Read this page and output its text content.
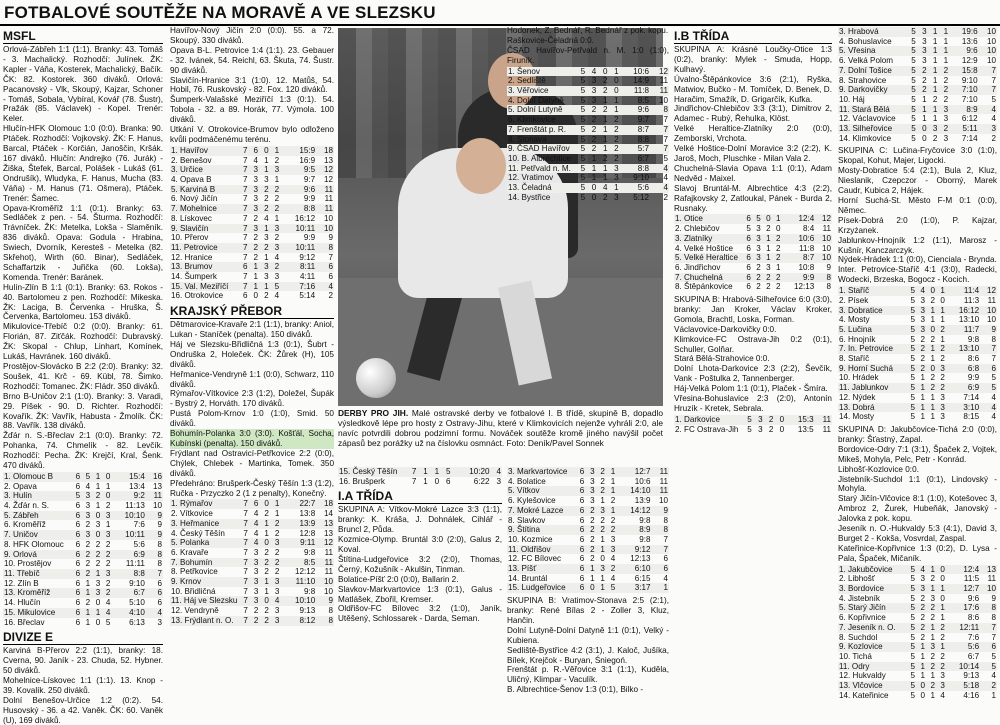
FOTBALOVÉ SOUTĚŽE NA MORAVĚ A VE SLEZSKU
MSFL

Orlová-Zábřeh 1:1 (1:1). Branky: 43. Tomáš - 3. Machalický. Rozhodčí: Julínek. ŽK: Kapler - Váňa, Kosterek, Machalický, Bačík. ČK: 82. Kostorek. 360 diváků. Orlová: Pacanovský - Vlk, Skoupý, Kajzar, Schoner - Tomáš, Sobala, Vybíral, Kovář (78. Šustr), Pražák (85. Václavek) - Kopel. Trenér: Keler.

Hlučín-HFK Olomouc 1:0 (0:0). Branka: 90. Ptáček. Rozhodčí: Vojkovský. ŽK: F. Hanus, Barcal, Ptáček - Korčián, Janoščin, Kršák. 167 diváků. Hlučín: Andrejko (76. Jurák) - Žiška, Štefek, Barcal, Polášek - Lukáš (61. Ondrušík), Wludyka, F. Hanus, Mucha (83. Váňa) - M. Hanus (71. Ošmera), Ptáček. Trenér: Šamec.

Opava-Kroměříž 1:1 (0:1). Branky: 63. Sedláček z pen. - 54. Šturma. Rozhodčí: Trávníček. ŽK: Metelka, Lokša - Slaměník. 836 diváků. Opava: Godula - Hrabina, Swiech, Dvorník, Keresteš - Metelka (82. Skřehot), Wirth (60. Binar), Sedláček, Schaffartzik - Juřička (60. Lokša), Komenda. Trenér: Baránek.

Hulín-Zlín B 1:1 (0:1). Branky: 63. Rokos - 40. Bartolomeu z pen. Rozhodčí: Mikeska. ŽK: Laciga, B. Červenka - Hruška, Š. Červenka, Bartolomeu. 153 diváků.

Mikulovice-Třebíč 0:2 (0:0). Branky: 61. Florián, 87. Ziťčák. Rozhodčí: Dubravský. ŽK: Skopal - Chlup, Linhart, Komínek, Lukáš, Havránek. 160 diváků.

Prostějov-Slovácko B 2:2 (2:0). Branky: 32. Soušek, 41. Krč - 69. Kübl, 78. Šimko. Rozhodčí: Tomanec. ŽK: Fládr. 350 diváků.

Brno B-Uničov 2:1 (1:0). Branky: 3. Varadi, 29. Píšek - 90. D. Richter. Rozhodčí: Kovařík. ŽK: Vavřík, Habusta - Žmolík. ČK: 88. Vavřík. 138 diváků.

Žďár n. S.-Břeclav 2:1 (0:0). Branky: 72. Pohanka, 74. Chmelík - 82. Levčík. Rozhodčí: Pecha. ŽK: Krejčí, Kral, Šenk. 470 diváků.

1. Olomouc B	6	5	1	0	15:4	16
2. Opava	6	4	1	1	13:4	13
3. Hulín	5	3	2	0	9:2	11
4. Žďár n. S.	6	3	1	2	11:13	10
5. Zábřeh	6	3	0	3	10:10	9
6. Kroměříž	6	2	3	1	7:6	9
7. Uničov	6	3	0	3	10:11	9
8. HFK Olomouc	6	2	2	2	5:6	8
9. Orlová	6	2	2	2	6:9	8
10. Prostějov	6	2	2	2	11:11	8
11. Třebíč	6	2	1	3	8:8	7
12. Zlín B	6	1	3	2	9:10	6
13. Kroměříž	6	1	3	2	6:7	6
14. Hlučín	6	2	0	4	5:10	6
15. Mikulovice	6	1	1	4	4:10	4
16. Břeclav	6	1	0	5	6:13	3
DIVIZE E

Karviná B-Přerov 2:2 (1:1), branky: 18. Cverna, 90. Janík - 23. Chuda, 52. Hybner. 50 diváků.

Mohelnice-Lískovec 1:1 (1:1). 13. Knop - 39. Kovalík. 250 diváků.

Dolní Benešov-Určice 1:2 (0:2). 54. Husovský - 36. a 42. Vaněk. ČK: 60. Vaněk (U), 169 diváků.

Havířov-Nový Jičín 2:0 (0:0). 55. a 72. Skoupý. 330 diváků.

Opava B-L. Petrovice 1:4 (1:1). 23. Gebauer - 32. Ivánek, 54. Reichl, 63. Škuta, 74. Šustr. 90 diváků.

Slavičín-Hranice 3:1 (1:0). 12. Matůš, 54. Hobil, 76. Ruskovský - 82. Fox. 120 diváků.

Šumperk-Valašské Meziříčí 1:3 (0:1). 54. Tobola - 32. a 89. Horák, 77. Výmola. 100 diváků.

Utkání V. Otrokovice-Brumov bylo odloženo kvůli podmáčenému terénu.

1. Havířov	7	6	0	1	15:9	18
2. Benešov	7	4	1	2	16:9	13
3. Určice	7	3	1	3	9:5	12
4. Opava B	7	3	3	1	9:7	12
5. Karviná B	7	3	2	2	9:6	11
6. Nový Jičín	7	3	2	2	9:9	11
7. Mohelnice	7	3	2	2	8:8	11
8. Lískovec	7	2	4	1	16:12	10
9. Slavičín	7	3	1	3	10:11	10
10. Přerov	7	2	3	2	9:9	9
11. Petrovice	7	2	2	3	10:11	8
12. Hranice	7	2	1	4	9:12	7
13. Brumov	6	1	3	2	8:11	6
14. Šumperk	7	1	3	3	4:11	6
15. Val. Meziříčí	7	1	1	5	7:16	4
16. Otrokovice	6	0	2	4	5:14	2
KRAJSKÝ PŘEBOR

Dětmarovice-Kravaře 2:1 (1:1), branky: Aniol, Lukan - Staníček (penalta). 150 diváků.

Háj ve Slezsku-Břidličná 1:3 (0:1), Šubrt - Ondruška 2, Holeček. ČK: Žůrek (H), 105 diváků.

Heřmanice-Vendryně 1:1 (0:0), Schwarz, 110 diváků.

Rýmařov-Vítkovice 2:3 (1:2), Doležel, Šupák - Bystrý 2, Horváth. 170 diváků.

Pustá Polom-Krnov 1:0 (1:0), Smid. 50 diváků.

Bohumín-Polanka 3:0 (3:0). Košťál, Socha, Kubínski (penalta). 150 diváků.

Frýdlant nad Ostravicí-Petřkovice 2:2 (0:0), Chýlek, Chlebek - Martinka, Tomek. 350 diváků.

Předehráno: Brušperk-Český Těšín 1:3 (1:2), Ručka - Przyczko 2 (1 z penalty), Konečný.

1. Rýmařov	7	6	0	1	22:7	18
2. Vítkovice	7	4	2	1	13:8	14
3. Heřmanice	7	4	1	2	13:9	13
4. Český Těšín	7	4	1	2	12:8	13
5. Polanka	7	4	0	3	9:11	12
6. Kravaře	7	3	2	2	9:8	11
7. Bohumín	7	3	2	2	8:5	11
8. Petřkovice	7	3	2	2	12:12	11
9. Krnov	7	3	1	3	11:10	10
10. Břidličná	7	3	1	3	9:8	10
11. Háj ve Slezsku	7	3	0	4	10:10	9
12. Vendryně	7	2	2	3	9:13	8
13. Frýdlant n. O.	7	2	2	3	8:12	8
DERBY PRO JIH. Malé ostravské derby ve fotbalové I. B třídě, skupině B, dopadlo výsledkově lépe pro hosty z Ostravy-Jihu, které v Klimkovicích nejenže vyhráli 2:0, ale navíc potvrdili dobrou podzimní formu. Nováček soutěže kromě jiného navýšil počet zápasů bez porážky už na číslovku osmnáct. Foto: Deník/Pavel Sonnek
15. Český Těšín	7	1	1	5	10:20	4
16. Brušperk	7	1	0	6	6:22	3
I.A TŘÍDA

SKUPINA A: Vítkov-Mokré Lazce 3:3 (1:1), branky: K. Kráša, J. Dohnálek, Cihlář - Bruncl 2, Půda.

Kozmice-Olymp. Bruntál 3:0 (2:0), Galus 2, Koval.

Štítina-Ludgeřovice 3:2 (2:0), Thomas, Černý, Kožušník - Akulšin, Tinman.

Bolatice-Píšť 2:0 (0:0), Ballarin 2.

Slavkov-Markvartovice 1:3 (0:1), Galus - Matlášek, Zbořil, Kremser.

Oldřišov-FC Bílovec 3:2 (1:0), Janík, Utěšený, Schlossarek - Darda, Seman.

3. Markvartovice	6	3	2	1	12:7	11
4. Bolatice	6	3	2	1	10:6	11
5. Vítkov	6	3	2	1	14:10	11
6. Kylešovice	6	3	1	2	13:9	10
7. Mokré Lazce	6	2	3	1	14:12	9
8. Slavkov	6	2	2	2	9:8	8
9. Štítina	6	2	2	2	8:9	8
10. Kozmice	6	2	1	3	9:8	7
11. Oldřišov	6	2	1	3	9:12	7
12. FC Bílovec	6	2	0	4	12:13	6
13. Píšť	6	1	3	2	6:10	6
14. Bruntál	6	1	1	4	6:15	4
15. Ludgeřovice	6	0	1	5	3:17	1

SKUPINA B: Vratimov-Stonava 2:5 (2:1), branky: René Bílas 2 - Zoller 3, Kluz, Hančin.

Dolní Lutyně-Dolní Datyně 1:1 (0:1), Velký - Kubiena.

Sedliště-Bystřice 4:2 (3:1), J. Kaloč, Jušíka, Bílek, Krejčok - Buryan, Śniegoń.

Frenštát p. R.-Věřovice 3:1 (1:1), Kuděla, Uličný, Klimpar - Vaculík.

B. Albrechtice-Šenov 1:3 (0:1), Bilko -

Hodonek, Z. Bednář, R. Bednář z pok. kopu.

Raškovice-Čeladná 0:0.

ČSAD Havířov-Petřvald n. M. 1:0 (1:0), Firuník.

1. Šenov	5	4	0	1	10:6	12
2. Sedliště	5	3	2	0	14:9	11
3. Věřovice	5	3	2	0	11:8	11
4. Dolní Datyně	5	3	1	1	8:5	10
5. Dolní Lutyně	5	2	2	1	9:6	8
6. Klimkovice	5	2	1	2	9:7	7
7. Frenštát p. R.	5	2	1	2	8:7	7
8. Stonava	5	2	1	2	8:8	7
9. ČSAD Havířov	5	2	1	2	5:7	7
10. B. Albrechtice	5	1	2	2	6:7	5
11. Petřvald n. M.	5	1	1	3	8:8	4
12. Vratimov	5	1	1	3	9:10	4
13. Čeladná	5	0	4	1	5:6	4
14. Bystřice	5	0	2	3	5:12	2
I.B TŘÍDA

SKUPINA A: Krásné Loučky-Otice 1:3 (0:2), branky: Mylek - Smuda, Hopp, Kulhavý.

Úvalno-Štěpánkovice 3:6 (2:1), Ryška, Matwiov, Bučko - M. Tomíček, D. Benek, D. Haračim, Smažík, D. Grigarčík, Kufka.

Jindřichov-Chlebičov 3:3 (3:1), Dimitrov 2, Adamec - Rubý, Řehulka, Klöst.

Velké Heraltice-Zlatníky 2:0 (0:0), Zemborski, Vrchota.

Velké Hoštice-Dolní Moravice 3:2 (2:2), K. Jaroš, Moch, Pluschke - Milan Vala 2.

Chuchelná-Slavia Opava 1:1 (0:1), Adam Nedvěd - Maixel.

Slavoj Bruntál-M. Albrechtice 4:3 (2:2), Rafajkovsky 2, Zatloukal, Pánek - Burda 2, Rusnaky.

1. Otice	6	5	0	1	12:4	12
2. Chlebičov	5	3	2	0	8:4	11
3. Zlatníky	6	3	1	2	10:6	10
4. Velké Hoštice	6	3	1	2	11:8	10
5. Velké Heraltice	6	3	1	2	8:7	10
6. Jindřichov	6	2	3	1	10:8	9
7. Chuchelná	6	2	2	2	9:9	8
8. Štěpánkovice	6	2	2	2	12:13	8

SKUPINA B: Hrabová-Silheřovice 6:0 (3:0), branky: Jan Kroker, Václav Kroker, Gomola, Brachtl, Loska, Forman.

Václavovice-Darkovičky 0:0.

Klimkovice-FC Ostrava-Jih 0:2 (0:1), Schuller, Golňar.

Stará Bělá-Strahovice 0:0.

Dolní Lhota-Darkovice 2:3 (2:2), Ševčík, Vank - Poštulka 2, Tannenberger.

Háj-Velká Polom 1:1 (0:1), Plaček - Šmíra.

Vřesina-Bohuslavice 2:3 (2:0), Antonín Hruzík - Kretek, Sebrala.

1. Darkovice	5	3	2	0	15:3	11
2. FC Ostrava-Jih	5	3	2	0	13:5	11
3. Hrabová	5	3	1	1	19:6	10
4. Bohuslavice	5	3	1	1	13:6	10
5. Vřesina	5	3	1	1	9:6	10
6. Velká Polom	5	3	1	1	12:9	10
7. Dolní Tošice	5	2	1	2	15:8	7
8. Strahovice	5	2	1	2	9:10	7
9. Darkovičky	5	2	1	2	7:10	7
10. Háj	5	1	2	2	7:10	5
11. Stará Bělá	5	1	1	3	8:9	4
12. Václavovice	5	1	1	3	6:12	4
13. Silheřovice	5	0	3	2	5:11	3
14. Klimkovice	5	0	2	3	7:14	2

SKUPINA C: Lučina-Fryčovice 3:0 (1:0), Skopal, Kohut, Majer, Ligocki.

Mosty-Dobratice 5:4 (2:1), Bula 2, Kluz, Nieslanik, Czepczor - Oborný, Marek Caudr, Kubica 2, Hájek.

Horní Suchá-St. Město F-M 0:1 (0:0), Němec.

Písek-Dobrá 2:0 (1:0), P. Kajzar, Krzyżanek.

Jablunkov-Hnojník 1:2 (1:1), Marosz - Kušnír, Kanczarczyk.

Nýdek-Hrádek 1:1 (0:0), Cienciala - Brynda.

Inter. Petrovice-Staříč 4:1 (3:0), Radecki, Wodecki, Brzeska, Bogocz - Kocich.

1. Staříč	5	4	0	1	11:4	12
2. Písek	5	3	2	0	11:3	11
3. Dobratice	5	3	1	1	16:12	10
4. Mosty	5	3	1	1	13:10	10
5. Lučina	5	3	0	2	11:7	9
6. Hnojník	5	2	2	1	9:8	8
7. In. Petrovice	5	2	1	2	13:10	7
8. Staříč	5	2	1	2	8:6	7
9. Horní Suchá	5	2	0	3	6:8	6
10. Hrádek	5	1	2	2	9:9	5
11. Jablunkov	5	1	2	2	6:9	5
12. Nýdek	5	1	1	3	7:14	4
13. Dobrá	5	1	1	3	3:10	4
14. Mosty	5	1	1	3	8:15	4

SKUPINA D: Jakubčovice-Tichá 2:0 (0:0), branky: Šťastný, Zapal.

Bordovice-Odry 7:1 (3:1), Špaček 2, Vojtek, Mikeš, Mohyla, Pelc, Petr - Konrád.

Libhošť-Kozlovice 0:0.

Jistebník-Suchdol 1:1 (0:1), Lindovský - Mohyla.

Starý Jičín-Vlčovice 8:1 (1:0), Kotešovec 3, Ambroz 2, Žurek, Hubeňák, Janovský - Jalovka z pok. kopu.

Jeseník n. O.-Hukvaldy 5:3 (4:1), David 3, Burget 2 - Kokša, Vosvrdal, Zaspal.

Kateřinice-Kopřivnice 1:3 (0:2), D. Lysa - Pala, Špaček, Mičaník.

1. Jakubčovice	5	4	1	0	12:4	13
2. Libhošť	5	3	2	0	11:5	11
3. Bordovice	5	3	1	1	12:7	10
4. Jistebník	5	2	3	0	9:6	9
5. Starý Jičín	5	2	2	1	17:6	8
6. Kopřivnice	5	2	2	1	8:6	8
7. Jeseník n. O.	5	2	1	2	12:11	7
8. Suchdol	5	2	1	2	7:6	7
9. Kozlovice	5	1	3	1	5:6	6
10. Tichá	5	1	2	2	6:7	5
11. Odry	5	1	2	2	10:14	5
12. Hukvaldy	5	1	1	3	9:13	4
13. Vlčovice	5	0	2	3	5:18	2
14. Kateřinice	5	0	1	4	4:16	1
